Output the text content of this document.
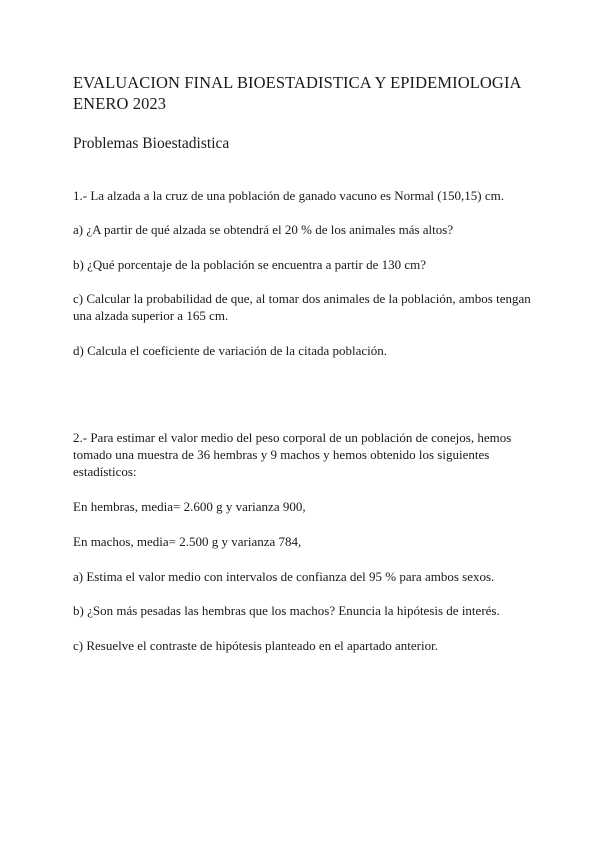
EVALUACION FINAL BIOESTADISTICA Y EPIDEMIOLOGIA ENERO 2023
Problemas Bioestadistica
1.- La alzada a la cruz de una población de ganado vacuno es Normal (150,15) cm.
a) ¿A partir de qué alzada se obtendrá el 20 % de los animales más altos?
b) ¿Qué porcentaje de la población se encuentra a partir de 130 cm?
c) Calcular la probabilidad de que, al tomar dos animales de la población, ambos tengan una alzada superior a 165 cm.
d) Calcula el coeficiente de variación de la citada población.
2.- Para estimar el valor medio del peso corporal de un población de conejos, hemos tomado una muestra de 36 hembras y 9 machos y hemos obtenido los siguientes estadísticos:
En hembras, media= 2.600 g y varianza 900,
En machos, media= 2.500 g y varianza 784,
a) Estima el valor medio con intervalos de confianza del 95 % para ambos sexos.
b) ¿Son más pesadas las hembras que los machos? Enuncia la hipótesis de interés.
c) Resuelve el contraste de hipótesis planteado en el apartado anterior.
